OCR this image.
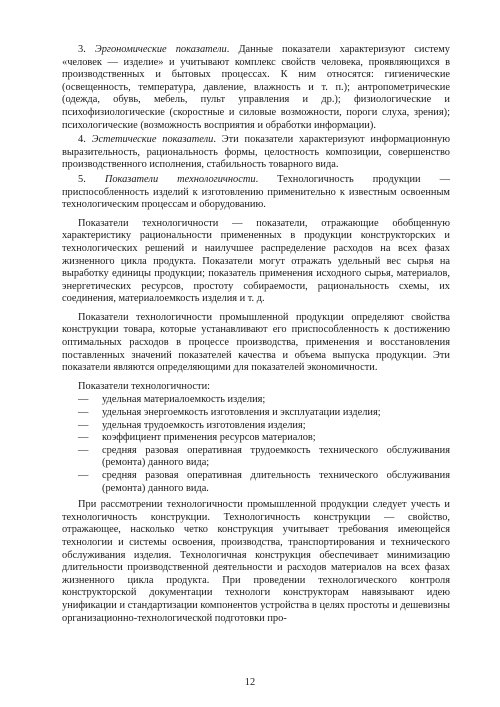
3. Эргономические показатели. Данные показатели характеризуют систему «человек — изделие» и учитывают комплекс свойств человека, проявляющихся в производственных и бытовых процессах. К ним относятся: гигиенические (освещенность, температура, давление, влажность и т. п.); антропометрические (одежда, обувь, мебель, пульт управления и др.); физиологические и психофизиологические (скоростные и силовые возможности, пороги слуха, зрения); психологические (возможность восприятия и обработки информации).

4. Эстетические показатели. Эти показатели характеризуют информационную выразительность, рациональность формы, целостность композиции, совершенство производственного исполнения, стабильность товарного вида.

5. Показатели технологичности. Технологичность продукции — приспособленность изделий к изготовлению применительно к известным освоенным технологическим процессам и оборудованию.

Показатели технологичности — показатели, отражающие обобщенную характеристику рациональности примененных в продукции конструкторских и технологических решений и наилучшее распределение расходов на всех фазах жизненного цикла продукта. Показатели могут отражать удельный вес сырья на выработку единицы продукции; показатель применения исходного сырья, материалов, энергетических ресурсов, простоту собираемости, рациональность схемы, их соединения, материалоемкость изделия и т. д.

Показатели технологичности промышленной продукции определяют свойства конструкции товара, которые устанавливают его приспособленность к достижению оптимальных расходов в процессе производства, применения и восстановления поставленных значений показателей качества и объема выпуска продукции. Эти показатели являются определяющими для показателей экономичности.

Показатели технологичности:

—	удельная материалоемкость изделия;
—	удельная энергоемкость изготовления и эксплуатации изделия;
—	удельная трудоемкость изготовления изделия;
—	коэффициент применения ресурсов материалов;
—	средняя разовая оперативная трудоемкость технического обслуживания (ремонта) данного вида;
—	средняя разовая оперативная длительность технического обслуживания (ремонта) данного вида.

При рассмотрении технологичности промышленной продукции следует учесть и технологичность конструкции. Технологичность конструкции — свойство, отражающее, насколько четко конструкция учитывает требования имеющейся технологии и системы освоения, производства, транспортирования и технического обслуживания изделия. Технологичная конструкция обеспечивает минимизацию длительности производственной деятельности и расходов материалов на всех фазах жизненного цикла продукта. При проведении технологического контроля конструкторской документации технологи конструкторам навязывают идею унификации и стандартизации компонентов устройства в целях простоты и дешевизны организационно-технологической подготовки про-

12
